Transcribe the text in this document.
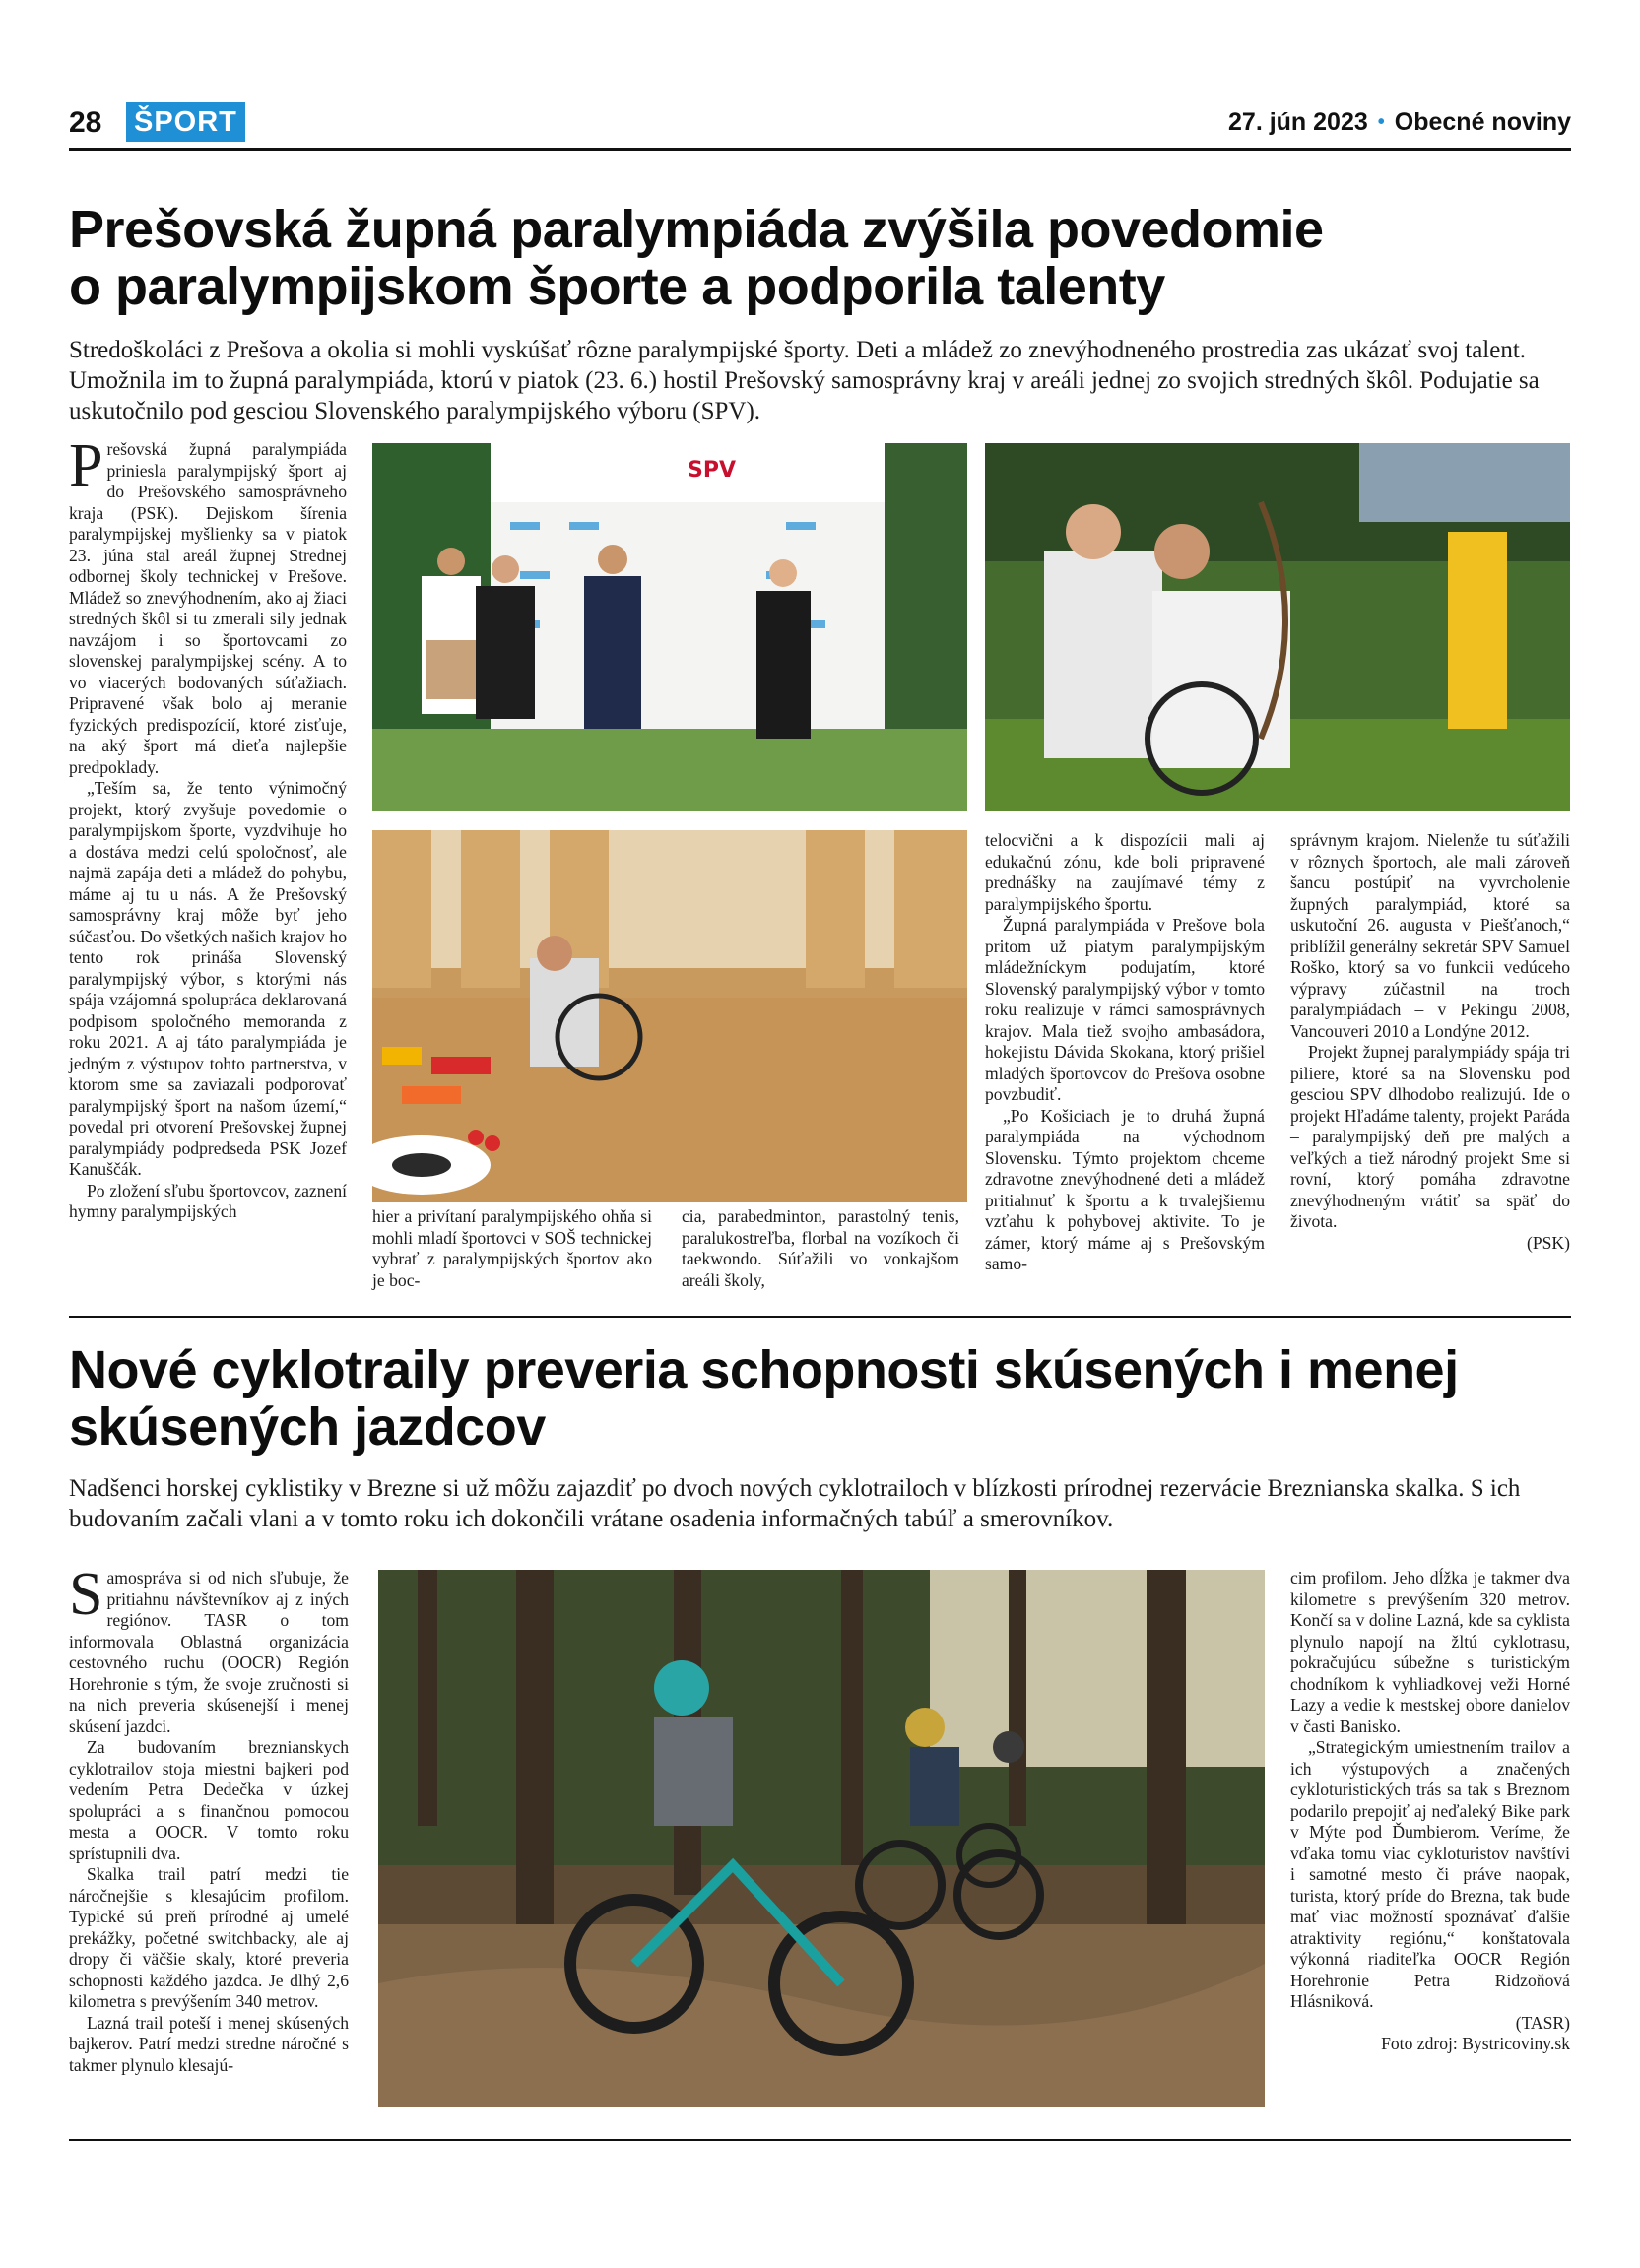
28 ŠPORT	27. jún 2023 • Obecné noviny
Prešovská župná paralympiáda zvýšila povedomie
o paralympijskom športe a podporila talenty
Stredoškoláci z Prešova a okolia si mohli vyskúšať rôzne paralympijské športy. Deti a mládež zo znevýhodneného prostredia zas ukázať svoj talent. Umožnila im to župná paralympiáda, ktorú v piatok (23. 6.) hostil Prešovský samosprávny kraj v areáli jednej zo svojich stredných škôl. Podujatie sa uskutočnilo pod gesciou Slovenského paralympijského výboru (SPV).

Prešovská župná paralympiáda priniesla paralympijský šport aj do Prešovského samosprávneho kraja (PSK). Dejiskom šírenia paralympijskej myšlienky sa v piatok 23. júna stal areál župnej Strednej odbornej školy technickej v Prešove. Mládež so znevýhodnením, ako aj žiaci stredných škôl si tu zmerali sily jednak navzájom i so športovcami zo slovenskej paralympijskej scény. A to vo viacerých bodovaných súťažiach. Pripravené však bolo aj meranie fyzických predispozícií, ktoré zisťuje, na aký šport má dieťa najlepšie predpoklady.

„Teším sa, že tento výnimočný projekt, ktorý zvyšuje povedomie o paralympijskom športe, vyzdvihuje ho a dostáva medzi celú spoločnosť, ale najmä zapája deti a mládež do pohybu, máme aj tu u nás. A že Prešovský samosprávny kraj môže byť jeho súčasťou. Do všetkých našich krajov ho tento rok prináša Slovenský paralympijský výbor, s ktorými nás spája vzájomná spolupráca deklarovaná podpisom spoločného memoranda z roku 2021. A aj táto paralympiáda je jedným z výstupov tohto partnerstva, v ktorom sme sa zaviazali podporovať paralympijský šport na našom území,“ povedal pri otvorení Prešovskej župnej paralympiády podpredseda PSK Jozef Kanuščák.

Po zložení sľubu športovcov, zaznení hymny paralympijských

SPV

hier a privítaní paralympijského ohňa si mohli mladí športovci v SOŠ technickej vybrať z paralympijských športov ako je boc-

cia, parabedminton, parastolný tenis, paralukostreľba, florbal na vozíkoch či taekwondo. Súťažili vo vonkajšom areáli školy,

telocvični a k dispozícii mali aj edukačnú zónu, kde boli pripravené prednášky na zaujímavé témy z paralympijského športu.

Župná paralympiáda v Prešove bola pritom už piatym paralympijským mládežníckym podujatím, ktoré Slovenský paralympijský výbor v tomto roku realizuje v rámci samosprávnych krajov. Mala tiež svojho ambasádora, hokejistu Dávida Skokana, ktorý prišiel mladých športovcov do Prešova osobne povzbudiť.

„Po Košiciach je to druhá župná paralympiáda na východnom Slovensku. Týmto projektom chceme zdravotne znevýhodnené deti a mládež pritiahnuť k športu a k trvalejšiemu vzťahu k pohybovej aktivite. To je zámer, ktorý máme aj s Prešovským samo-

správnym krajom. Nielenže tu súťažili v rôznych športoch, ale mali zároveň šancu postúpiť na vyvrcholenie župných paralympiád, ktoré sa uskutoční 26. augusta v Piešťanoch,“ priblížil generálny sekretár SPV Samuel Roško, ktorý sa vo funkcii vedúceho výpravy zúčastnil na troch paralympiádach – v Pekingu 2008, Vancouveri 2010 a Londýne 2012.

Projekt župnej paralympiády spája tri piliere, ktoré sa na Slovensku pod gesciou SPV dlhodobo realizujú. Ide o projekt Hľadáme talenty, projekt Paráda – paralympijský deň pre malých a veľkých a tiež národný projekt Sme si rovní, ktorý pomáha zdravotne znevýhodneným vrátiť sa späť do života.

(PSK)

Nové cyklotraily preveria schopnosti skúsených i menej
skúsených jazdcov
Nadšenci horskej cyklistiky v Brezne si už môžu zajazdiť po dvoch nových cyklotrailoch v blízkosti prírodnej rezervácie Breznianska skalka. S ich budovaním začali vlani a v tomto roku ich dokončili vrátane osadenia informačných tabúľ a smerovníkov.

Samospráva si od nich sľubuje, že pritiahnu návštevníkov aj z iných regiónov. TASR o tom informovala Oblastná organizácia cestovného ruchu (OOCR) Región Horehronie s tým, že svoje zručnosti si na nich preveria skúsenejší i menej skúsení jazdci.

Za budovaním breznianskych cyklotrailov stoja miestni bajkeri pod vedením Petra Dedečka v úzkej spolupráci a s finančnou pomocou mesta a OOCR. V tomto roku sprístupnili dva.

Skalka trail patrí medzi tie náročnejšie s klesajúcim profilom. Typické sú preň prírodné aj umelé prekážky, početné switchbacky, ale aj dropy či väčšie skaly, ktoré preveria schopnosti každého jazdca. Je dlhý 2,6 kilometra s prevýšením 340 metrov.

Lazná trail poteší i menej skúsených bajkerov. Patrí medzi stredne náročné s takmer plynulo klesajú-

cim profilom. Jeho dĺžka je takmer dva kilometre s prevýšením 320 metrov. Končí sa v doline Lazná, kde sa cyklista plynulo napojí na žltú cyklotrasu, pokračujúcu súbežne s turistickým chodníkom k vyhliadkovej veži Horné Lazy a vedie k mestskej obore danielov v časti Banisko.

„Strategickým umiestnením trailov a ich výstupových a značených cykloturistických trás sa tak s Breznom podarilo prepojiť aj neďaleký Bike park v Mýte pod Ďumbierom. Veríme, že vďaka tomu viac cykloturistov navštívi i samotné mesto či práve naopak, turista, ktorý príde do Brezna, tak bude mať viac možností spoznávať ďalšie atraktivity regiónu,“ konštatovala výkonná riaditeľka OOCR Región Horehronie Petra Ridzoňová Hlásniková.

(TASR)

Foto zdroj: Bystricoviny.sk
